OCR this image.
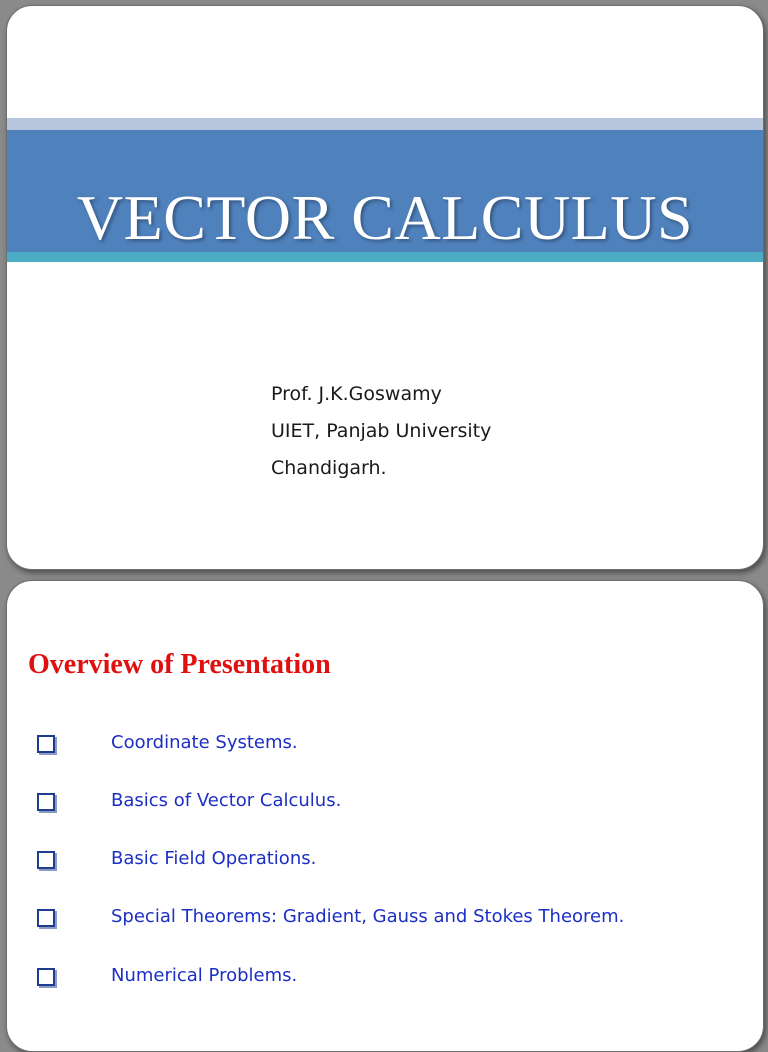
VECTOR CALCULUS
Prof. J.K.Goswamy
UIET, Panjab University
Chandigarh.
Overview of Presentation
Coordinate Systems.
Basics of Vector Calculus.
Basic Field Operations.
Special Theorems: Gradient, Gauss and Stokes Theorem.
Numerical Problems.
